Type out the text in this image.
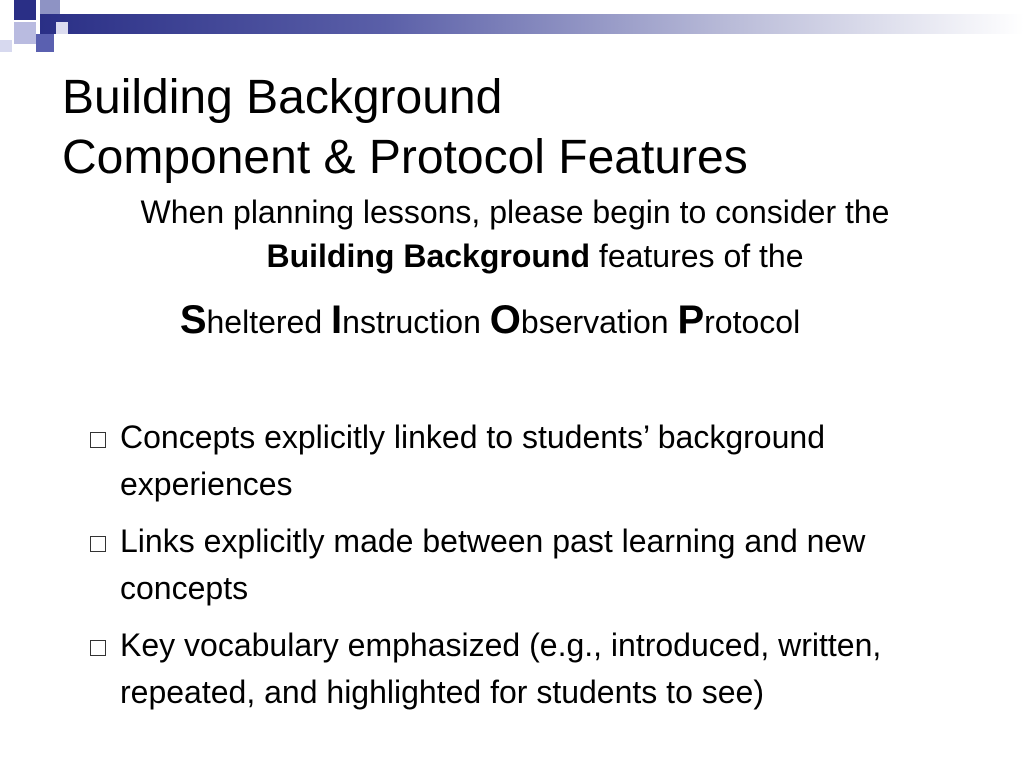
Building Background
Component & Protocol Features
When planning lessons, please begin to consider the
Building Background features of the
Sheltered Instruction Observation Protocol
Concepts explicitly linked to students’ background experiences
Links explicitly made between past learning and new concepts
Key vocabulary emphasized (e.g., introduced, written, repeated, and highlighted for students to see)
